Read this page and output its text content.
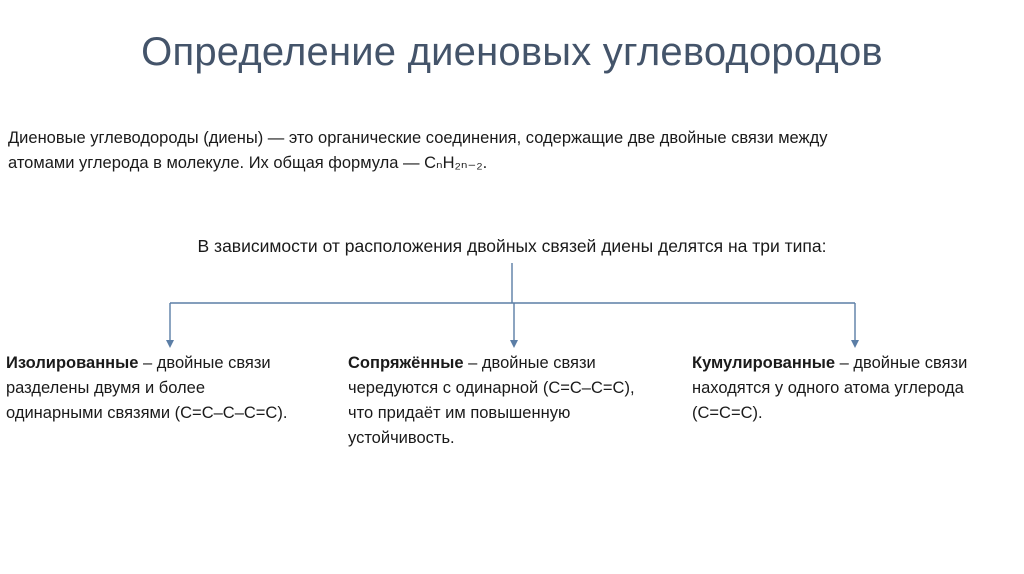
Определение диеновых углеводородов
Диеновые углеводороды (диены) — это органические соединения, содержащие две двойные связи между
атомами углерода в молекуле. Их общая формула — CₙH₂ₙ₋₂.
В зависимости от расположения двойных связей диены делятся на три типа:
Изолированные – двойные связи
разделены двумя и более
одинарными связями (C=C–C–C=C).
Сопряжённые – двойные связи
чередуются с одинарной (C=C–C=C),
что придаёт им повышенную
устойчивость.
Кумулированные – двойные связи
находятся у одного атома углерода
(C=C=C).
